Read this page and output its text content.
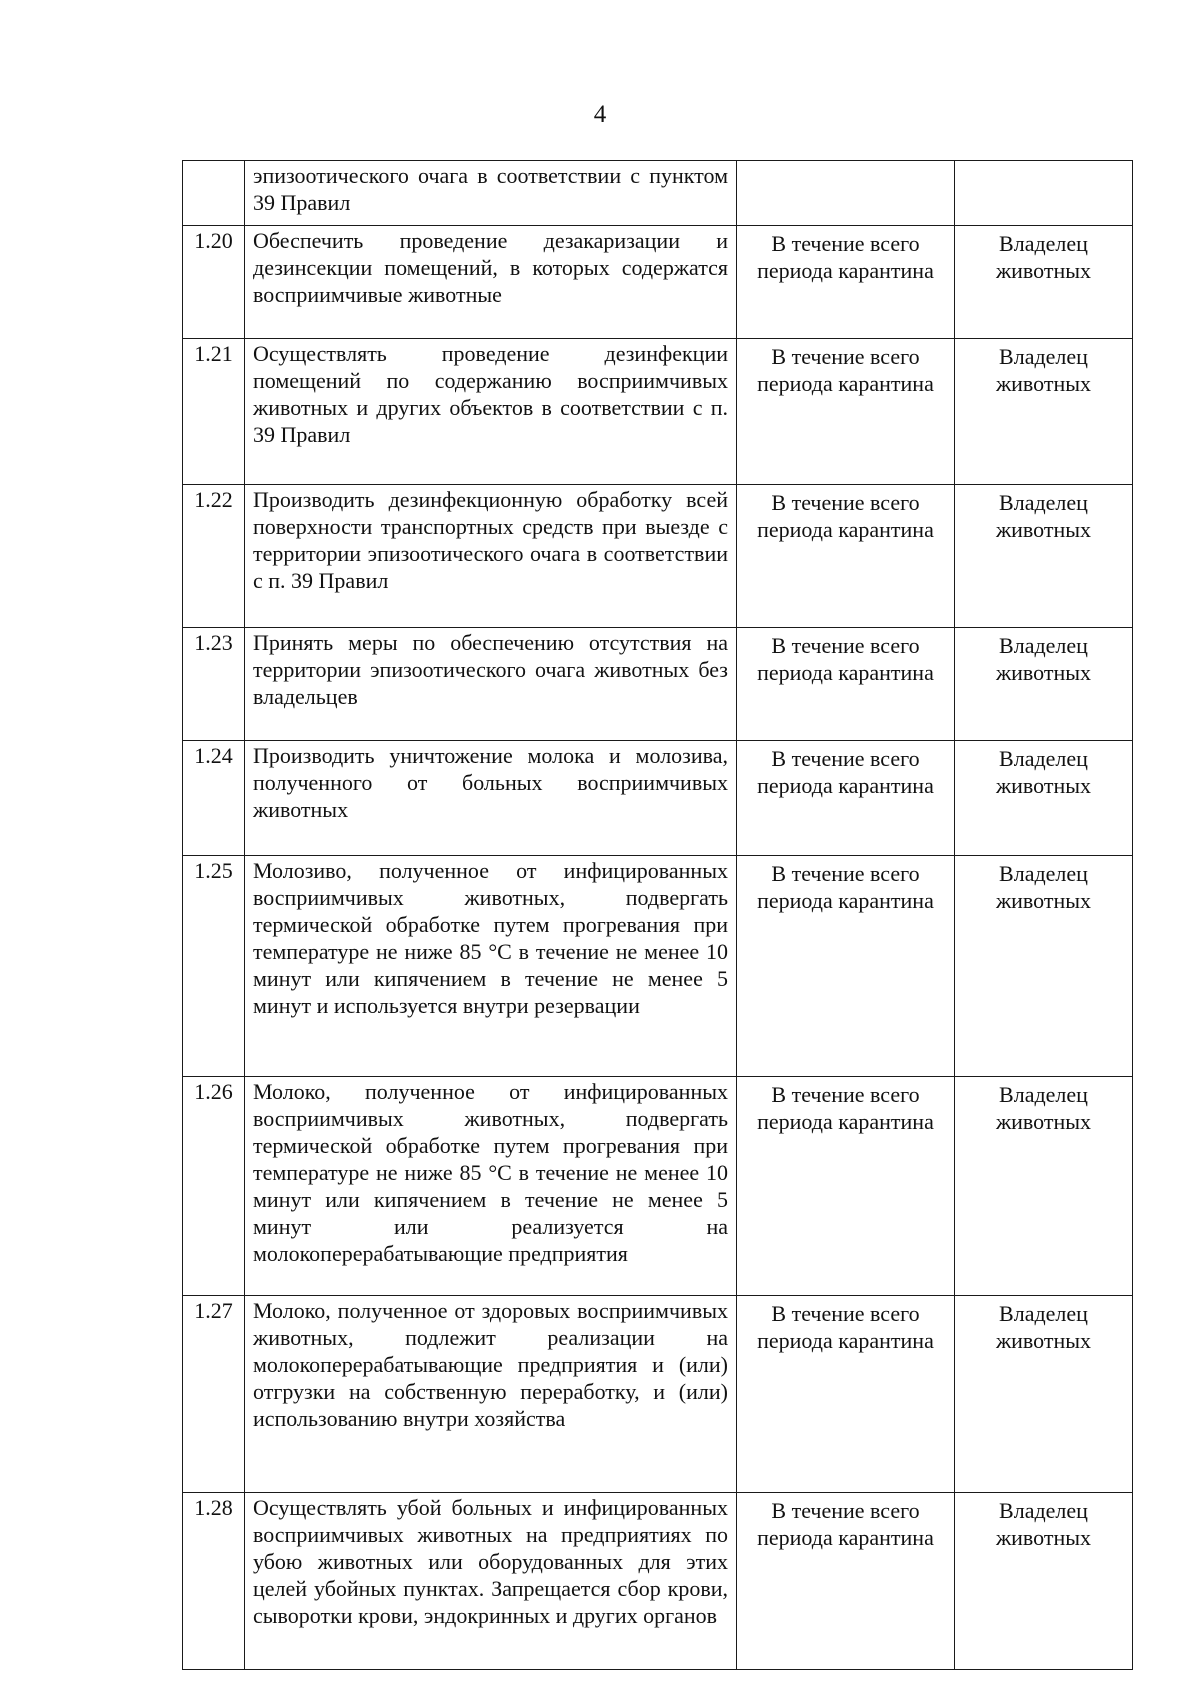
4
	эпизоотического очага в соответствии с пунктом 39 Правил		
1.20	Обеспечить проведение дезакаризации и дезинсекции помещений, в которых содержатся восприимчивые животные	В течение всего периода карантина	Владелец животных
1.21	Осуществлять проведение дезинфекции помещений по содержанию восприимчивых животных и других объектов в соответствии с п. 39 Правил	В течение всего периода карантина	Владелец животных
1.22	Производить дезинфекционную обработку всей поверхности транспортных средств при выезде с территории эпизоотического очага в соответствии с п. 39 Правил	В течение всего периода карантина	Владелец животных
1.23	Принять меры по обеспечению отсутствия на территории эпизоотического очага животных без владельцев	В течение всего периода карантина	Владелец животных
1.24	Производить уничтожение молока и молозива, полученного от больных восприимчивых животных	В течение всего периода карантина	Владелец животных
1.25	Молозиво, полученное от инфицированных восприимчивых животных, подвергать термической обработке путем прогревания при температуре не ниже 85 °С в течение не менее 10 минут или кипячением в течение не менее 5 минут и используется внутри резервации	В течение всего периода карантина	Владелец животных
1.26	Молоко, полученное от инфицированных восприимчивых животных, подвергать термической обработке путем прогревания при температуре не ниже 85 °С в течение не менее 10 минут или кипячением в течение не менее 5 минут или реализуется на молокоперерабатывающие предприятия	В течение всего периода карантина	Владелец животных
1.27	Молоко, полученное от здоровых восприимчивых животных, подлежит реализации на молокоперерабатывающие предприятия и (или) отгрузки на собственную переработку, и (или) использованию внутри хозяйства	В течение всего периода карантина	Владелец животных
1.28	Осуществлять убой больных и инфицированных восприимчивых животных на предприятиях по убою животных или оборудованных для этих целей убойных пунктах. Запрещается сбор крови, сыворотки крови, эндокринных и других органов	В течение всего периода карантина	Владелец животных
